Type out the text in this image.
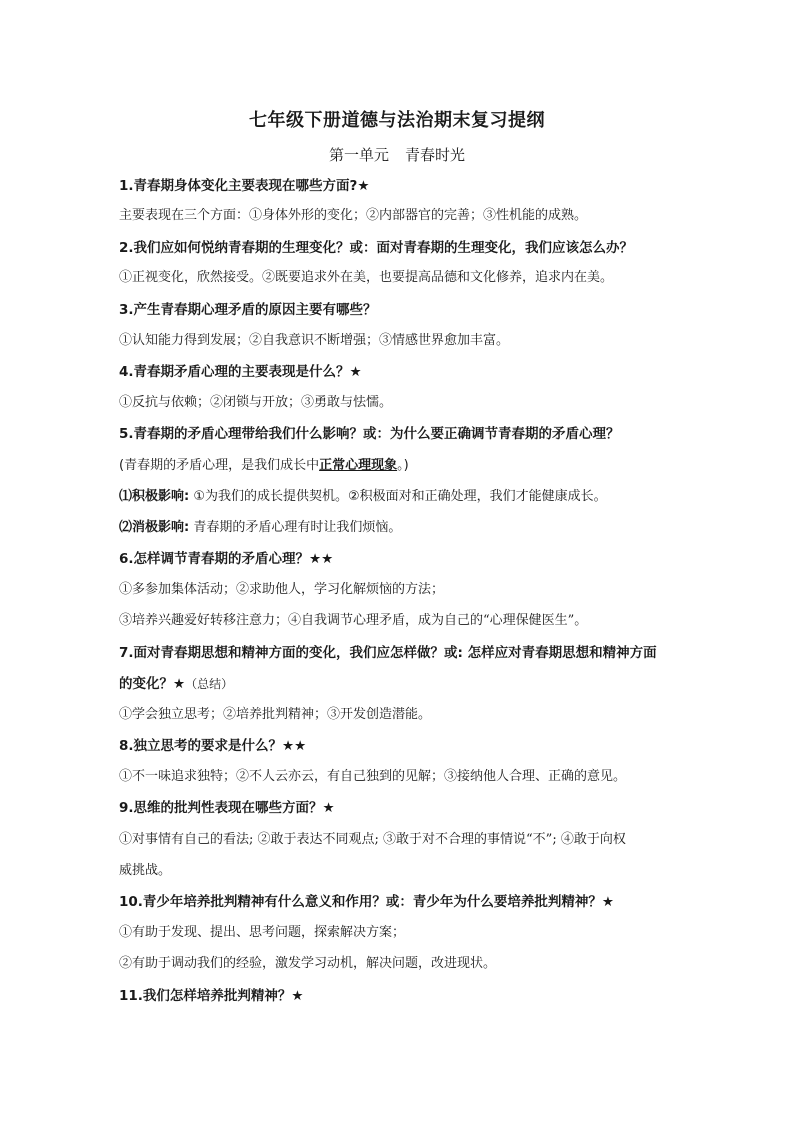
七年级下册道德与法治期末复习提纲
第一单元 青春时光
1.青春期身体变化主要表现在哪些方面?★
主要表现在三个方面：①身体外形的变化；②内部器官的完善；③性机能的成熟。
2.我们应如何悦纳青春期的生理变化？或：面对青春期的生理变化，我们应该怎么办？
①正视变化，欣然接受。②既要追求外在美，也要提高品德和文化修养，追求内在美。
3.产生青春期心理矛盾的原因主要有哪些？
①认知能力得到发展；②自我意识不断增强；③情感世界愈加丰富。
4.青春期矛盾心理的主要表现是什么？★
①反抗与依赖；②闭锁与开放；③勇敢与怯懦。
5.青春期的矛盾心理带给我们什么影响？或：为什么要正确调节青春期的矛盾心理？
(青春期的矛盾心理，是我们成长中正常心理现象。)
⑴积极影响: ①为我们的成长提供契机。②积极面对和正确处理，我们才能健康成长。
⑵消极影响: 青春期的矛盾心理有时让我们烦恼。
6.怎样调节青春期的矛盾心理？★★
①多参加集体活动；②求助他人，学习化解烦恼的方法；
③培养兴趣爱好转移注意力；④自我调节心理矛盾，成为自己的“心理保健医生”。
7.面对青春期思想和精神方面的变化，我们应怎样做？或: 怎样应对青春期思想和精神方面
的变化？★（总结）
①学会独立思考；②培养批判精神；③开发创造潜能。
8.独立思考的要求是什么？★★
①不一味追求独特；②不人云亦云，有自己独到的见解；③接纳他人合理、正确的意见。
9.思维的批判性表现在哪些方面？★
①对事情有自己的看法; ②敢于表达不同观点; ③敢于对不合理的事情说“不”; ④敢于向权
威挑战。
10.青少年培养批判精神有什么意义和作用？或：青少年为什么要培养批判精神？★
①有助于发现、提出、思考问题，探索解决方案；
②有助于调动我们的经验，激发学习动机，解决问题，改进现状。
11.我们怎样培养批判精神？★
